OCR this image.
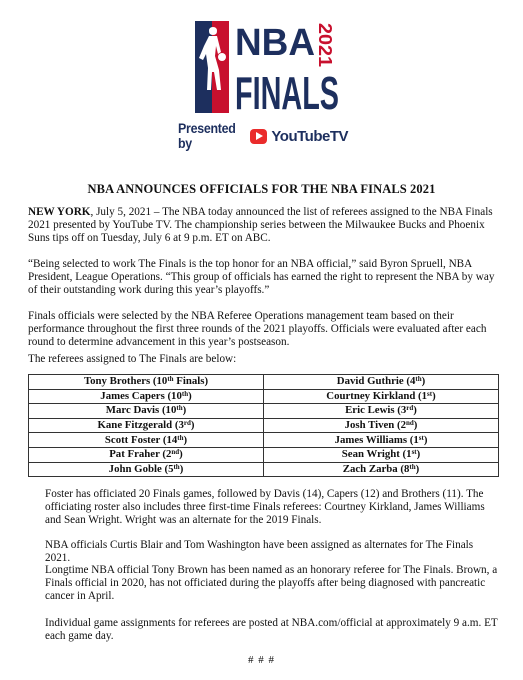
NBA
FINALS
2021
Presented by	YouTubeTV
NBA ANNOUNCES OFFICIALS FOR THE NBA FINALS 2021

NEW YORK, July 5, 2021 – The NBA today announced the list of referees assigned to the NBA Finals 2021 presented by YouTube TV. The championship series between the Milwaukee Bucks and Phoenix Suns tips off on Tuesday, July 6 at 9 p.m. ET on ABC.

“Being selected to work The Finals is the top honor for an NBA official,” said Byron Spruell, NBA President, League Operations. “This group of officials has earned the right to represent the NBA by way of their outstanding work during this year’s playoffs.”

Finals officials were selected by the NBA Referee Operations management team based on their performance throughout the first three rounds of the 2021 playoffs. Officials were evaluated after each round to determine advancement in this year’s postseason.

The referees assigned to The Finals are below:

Tony Brothers (10th Finals)	David Guthrie (4th)
James Capers (10th)	Courtney Kirkland (1st)
Marc Davis (10th)	Eric Lewis (3rd)
Kane Fitzgerald (3rd)	Josh Tiven (2nd)
Scott Foster (14th)	James Williams (1st)
Pat Fraher (2nd)	Sean Wright (1st)
John Goble (5th)	Zach Zarba (8th)

Foster has officiated 20 Finals games, followed by Davis (14), Capers (12) and Brothers (11). The officiating roster also includes three first-time Finals referees: Courtney Kirkland, James Williams and Sean Wright. Wright was an alternate for the 2019 Finals.

NBA officials Curtis Blair and Tom Washington have been assigned as alternates for The Finals 2021.

Longtime NBA official Tony Brown has been named as an honorary referee for The Finals. Brown, a Finals official in 2020, has not officiated during the playoffs after being diagnosed with pancreatic cancer in April.

Individual game assignments for referees are posted at NBA.com/official at approximately 9 a.m. ET each game day.

# # #
